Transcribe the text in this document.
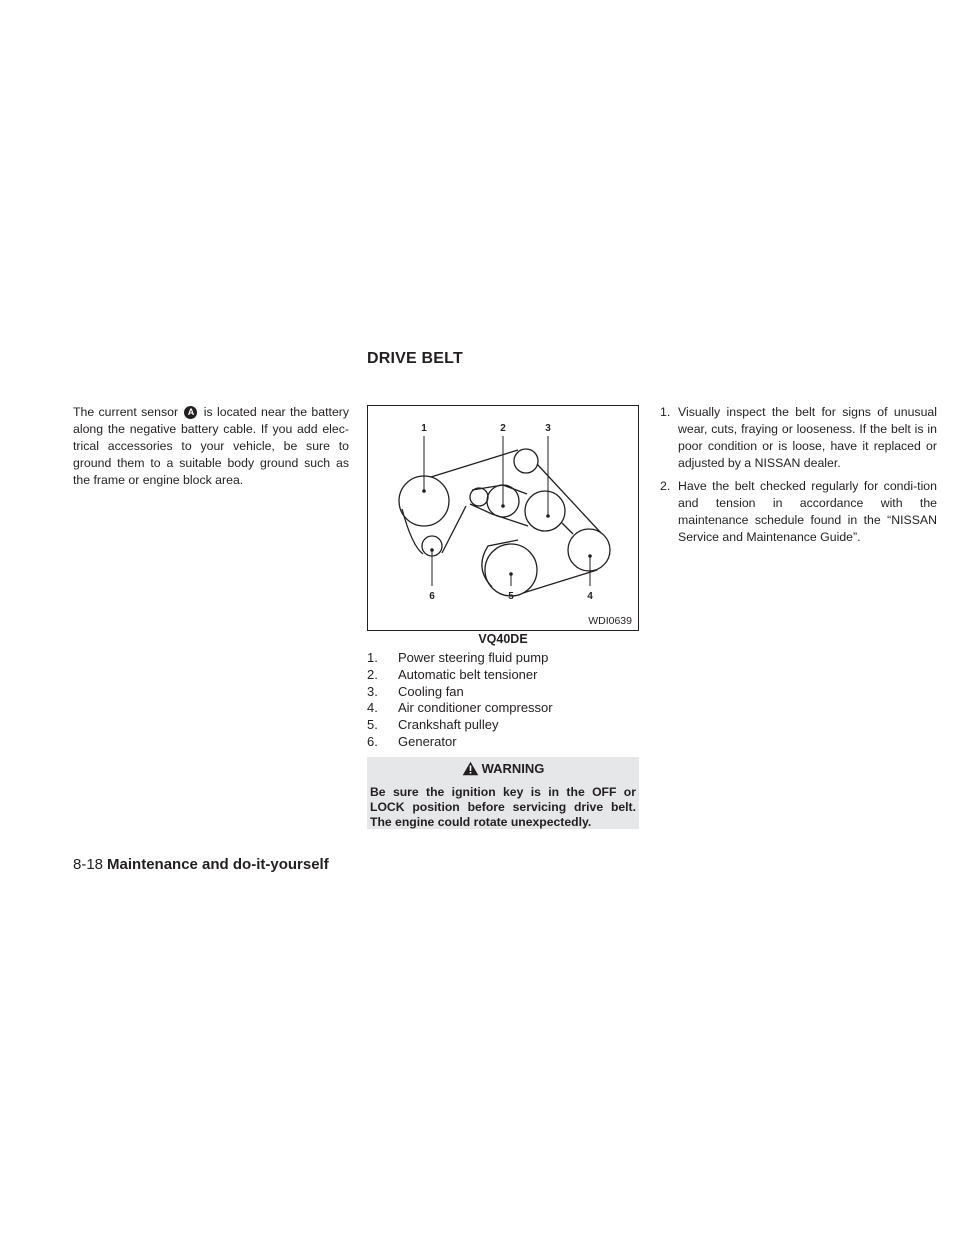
DRIVE BELT
The current sensor A is located near the battery along the negative battery cable. If you add elec-trical accessories to your vehicle, be sure to ground them to a suitable body ground such as the frame or engine block area.
1	2	3
4
5
6
WDI0639
VQ40DE
1.	Power steering fluid pump
2.	Automatic belt tensioner
3.	Cooling fan
4.	Air conditioner compressor
5.	Crankshaft pulley
6.	Generator
WARNING
Be sure the ignition key is in the OFF or LOCK position before servicing drive belt. The engine could rotate unexpectedly.
1. Visually inspect the belt for signs of unusual wear, cuts, fraying or looseness. If the belt is in poor condition or is loose, have it replaced or adjusted by a NISSAN dealer.
2. Have the belt checked regularly for condi-tion and tension in accordance with the maintenance schedule found in the “NISSAN Service and Maintenance Guide”.
8-18 Maintenance and do-it-yourself
